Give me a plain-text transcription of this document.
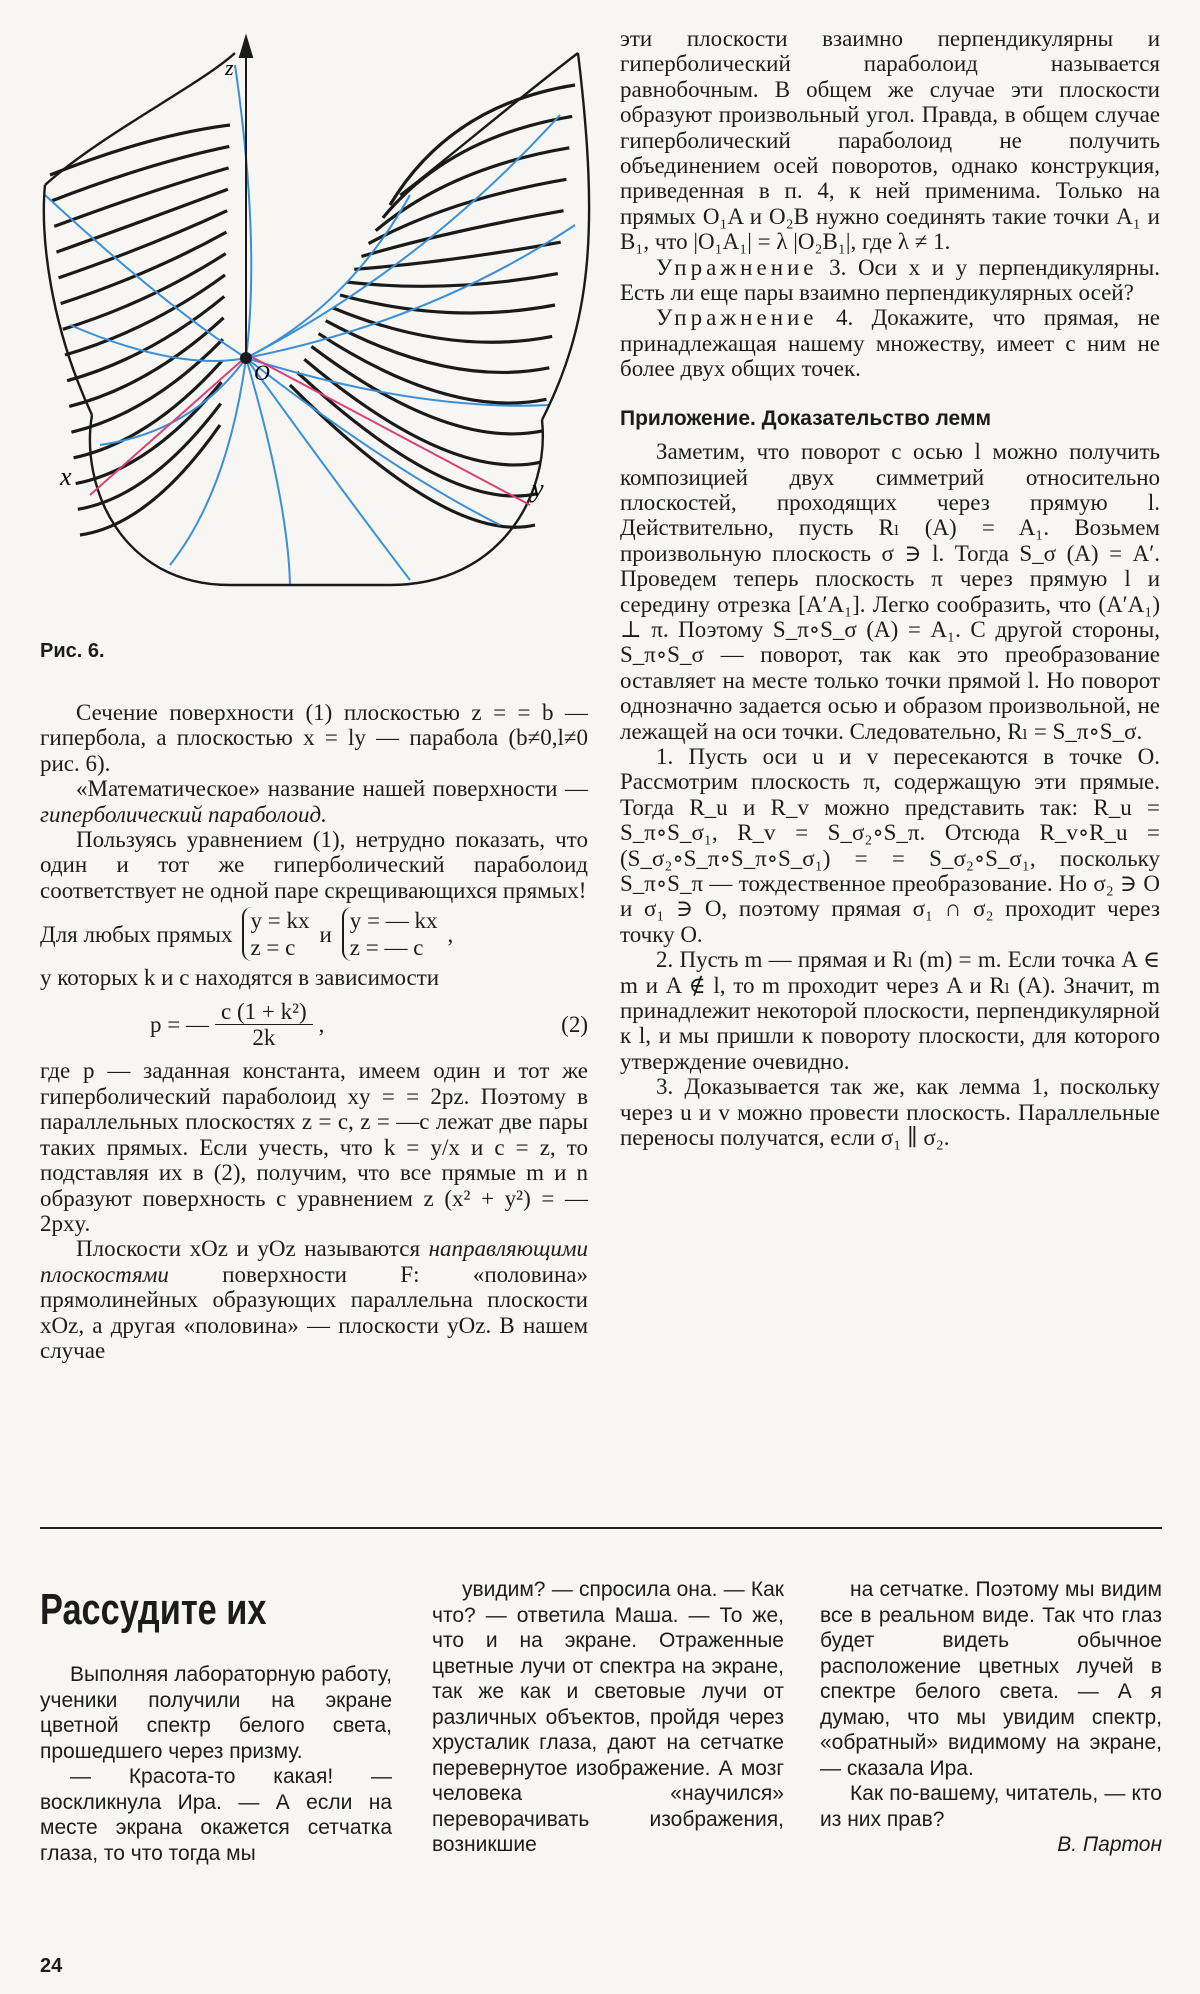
z
O
x	y
Рис. 6.

Сечение поверхности (1) плоскостью z = = b — гипербола, а плоскостью x = ly — парабола (b≠0,l≠0 рис. 6).

«Математическое» название нашей поверхности — гиперболический параболоид.

Пользуясь уравнением (1), нетрудно показать, что один и тот же гиперболический параболоид соответствует не одной паре скрещивающихся прямых!

Для любых прямых
y = kx
z = c
и
y = — kx
z = — c
,

у которых k и c находятся в зависимости

p = — $\frac{\text{c (1 + k²)}}{2k}$ ,	(2)

где p — заданная константа, имеем один и тот же гиперболический параболоид xy = = 2pz. Поэтому в параллельных плоскостях z = c, z = —c лежат две пары таких прямых. Если учесть, что k = y/x и c = z, то подставляя их в (2), получим, что все прямые m и n образуют поверхность с уравнением z (x² + y²) = —2pxy.

Плоскости xOz и yOz называются направляющими плоскостями поверхности F: «половина» прямолинейных образующих параллельна плоскости xOz, а другая «половина» — плоскости yOz. В нашем случае

эти плоскости взаимно перпендикулярны и гиперболический параболоид называется равнобочным. В общем же случае эти плоскости образуют произвольный угол. Правда, в общем случае гиперболический параболоид не получить объединением осей поворотов, однако конструкция, приведенная в п. 4, к ней применима. Только на прямых O₁A и O₂B нужно соединять такие точки A₁ и B₁, что |O₁A₁| = λ |O₂B₁|, где λ ≠ 1.

Упражнение 3. Оси x и y перпендикулярны. Есть ли еще пары взаимно перпендикулярных осей?

Упражнение 4. Докажите, что прямая, не принадлежащая нашему множеству, имеет с ним не более двух общих точек.

Приложение. Доказательство лемм

Заметим, что поворот с осью l можно получить композицией двух симметрий относительно плоскостей, проходящих через прямую l. Действительно, пусть Rₗ (A) = A₁. Возьмем произвольную плоскость σ ∋ l. Тогда S_σ (A) = A′. Проведем теперь плоскость π через прямую l и середину отрезка [A′A₁]. Легко сообразить, что (A′A₁) ⊥ π. Поэтому S_π∘S_σ (A) = A₁. С другой стороны, S_π∘S_σ — поворот, так как это преобразование оставляет на месте только точки прямой l. Но поворот однозначно задается осью и образом произвольной, не лежащей на оси точки. Следовательно, Rₗ = S_π∘S_σ.

1. Пусть оси u и v пересекаются в точке O. Рассмотрим плоскость π, содержащую эти прямые. Тогда R_u и R_v можно представить так: R_u = S_π∘S_σ₁, R_v = S_σ₂∘S_π. Отсюда R_v∘R_u = (S_σ₂∘S_π∘S_π∘S_σ₁) = = S_σ₂∘S_σ₁, поскольку S_π∘S_π — тождественное преобразование. Но σ₂ ∋ O и σ₁ ∋ O, поэтому прямая σ₁ ∩ σ₂ проходит через точку O.

2. Пусть m — прямая и Rₗ (m) = m. Если точка A ∈ m и A ∉ l, то m проходит через A и Rₗ (A). Значит, m принадлежит некоторой плоскости, перпендикулярной к l, и мы пришли к повороту плоскости, для которого утверждение очевидно.

3. Доказывается так же, как лемма 1, поскольку через u и v можно провести плоскость. Параллельные переносы получатся, если σ₁ ∥ σ₂.

Рассудите их

Выполняя лабораторную работу, ученики получили на экране цветной спектр белого света, прошедшего через призму.

— Красота-то какая! — воскликнула Ира. — А если на месте экрана окажется сетчатка глаза, то что тогда мы

увидим? — спросила она. — Как что? — ответила Маша. — То же, что и на экране. Отраженные цветные лучи от спектра на экране, так же как и световые лучи от различных объектов, пройдя через хрусталик глаза, дают на сетчатке перевернутое изображение. А мозг человека «научился» переворачивать изображения, возникшие

на сетчатке. Поэтому мы видим все в реальном виде. Так что глаз будет видеть обычное расположение цветных лучей в спектре белого света. — А я думаю, что мы увидим спектр, «обратный» видимому на экране, — сказала Ира.

Как по-вашему, читатель, — кто из них прав?

В. Партон

24
